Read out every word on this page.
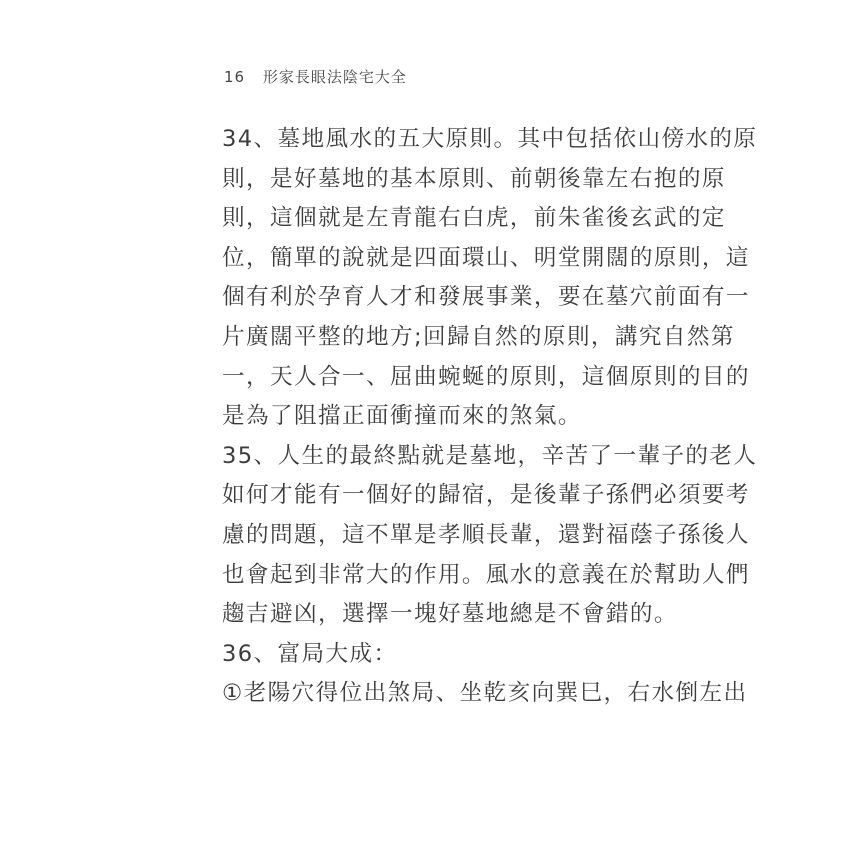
16 形家長眼法陰宅大全
34、墓地風水的五大原則。其中包括依山傍水的原
則，是好墓地的基本原則、前朝後靠左右抱的原
則，這個就是左青龍右白虎，前朱雀後玄武的定
位，簡單的說就是四面環山、明堂開闊的原則，這
個有利於孕育人才和發展事業，要在墓穴前面有一
片廣闊平整的地方;回歸自然的原則，講究自然第
一，天人合一、屈曲蜿蜒的原則，這個原則的目的
是為了阻擋正面衝撞而來的煞氣。
35、人生的最終點就是墓地，辛苦了一輩子的老人
如何才能有一個好的歸宿，是後輩子孫們必須要考
慮的問題，這不單是孝順長輩，還對福蔭子孫後人
也會起到非常大的作用。風水的意義在於幫助人們
趨吉避凶，選擇一塊好墓地總是不會錯的。
36、富局大成：
①老陽穴得位出煞局、坐乾亥向巽巳，右水倒左出
